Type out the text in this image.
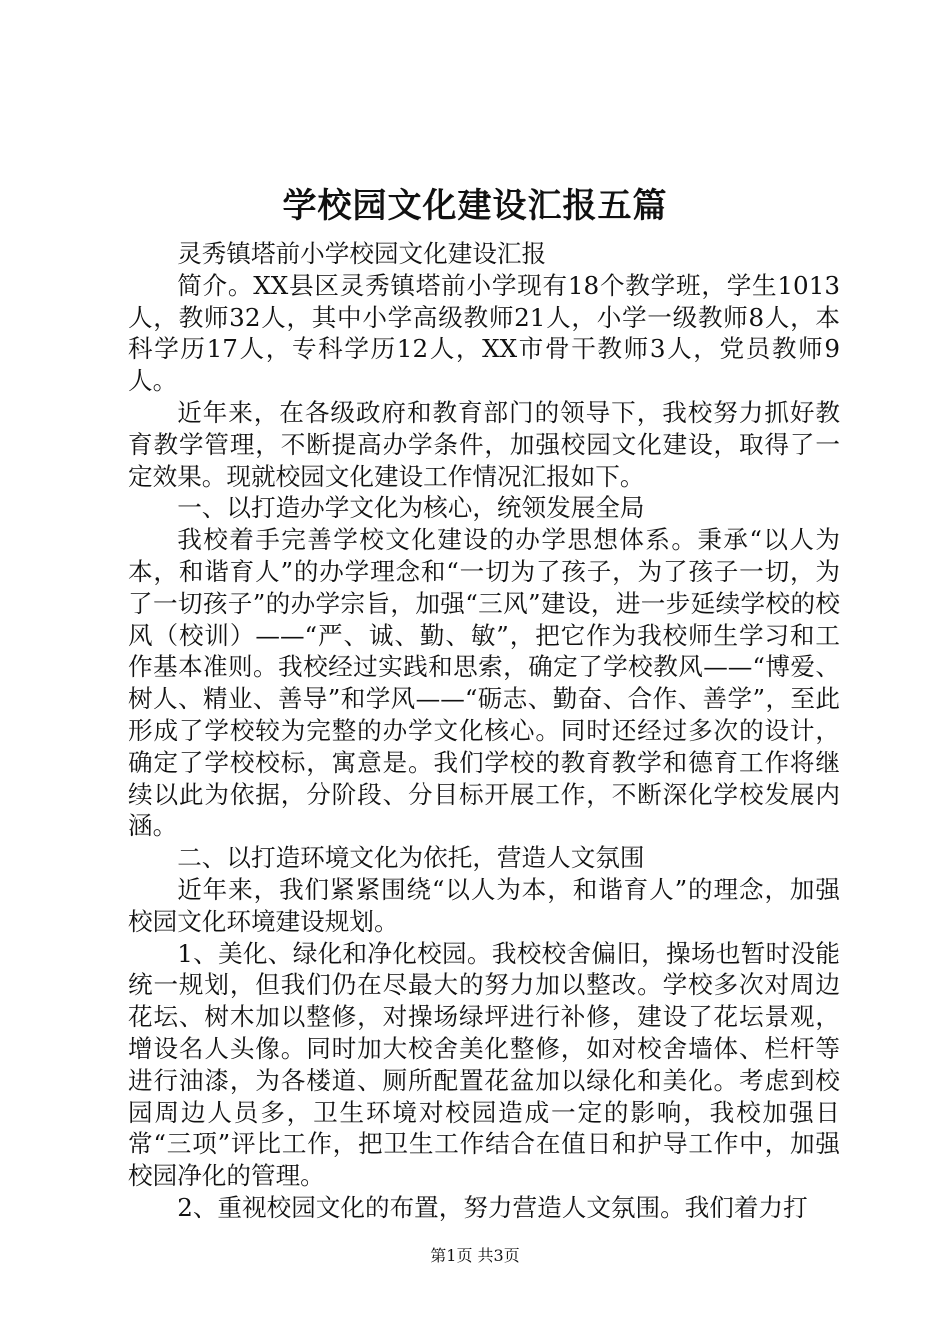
学校园文化建设汇报五篇

灵秀镇塔前小学校园文化建设汇报

简介。XX县区灵秀镇塔前小学现有18个教学班，学生1013人，教师32人，其中小学高级教师21人，小学一级教师8人，本科学历17人，专科学历12人，XX市骨干教师3人，党员教师9人。

近年来，在各级政府和教育部门的领导下，我校努力抓好教育教学管理，不断提高办学条件，加强校园文化建设，取得了一定效果。现就校园文化建设工作情况汇报如下。

一、以打造办学文化为核心，统领发展全局

我校着手完善学校文化建设的办学思想体系。秉承“以人为本，和谐育人”的办学理念和“一切为了孩子，为了孩子一切，为了一切孩子”的办学宗旨，加强“三风”建设，进一步延续学校的校风（校训）——“严、诚、勤、敏”，把它作为我校师生学习和工作基本准则。我校经过实践和思索，确定了学校教风——“博爱、树人、精业、善导”和学风——“砺志、勤奋、合作、善学”，至此形成了学校较为完整的办学文化核心。同时还经过多次的设计，确定了学校校标，寓意是。我们学校的教育教学和德育工作将继续以此为依据，分阶段、分目标开展工作，不断深化学校发展内涵。

二、以打造环境文化为依托，营造人文氛围

近年来，我们紧紧围绕“以人为本，和谐育人”的理念，加强校园文化环境建设规划。

1、美化、绿化和净化校园。我校校舍偏旧，操场也暂时没能统一规划，但我们仍在尽最大的努力加以整改。学校多次对周边花坛、树木加以整修，对操场绿坪进行补修，建设了花坛景观，增设名人头像。同时加大校舍美化整修，如对校舍墙体、栏杆等进行油漆，为各楼道、厕所配置花盆加以绿化和美化。考虑到校园周边人员多，卫生环境对校园造成一定的影响，我校加强日常“三项”评比工作，把卫生工作结合在值日和护导工作中，加强校园净化的管理。

2、重视校园文化的布置，努力营造人文氛围。我们着力打

第1页 共3页
